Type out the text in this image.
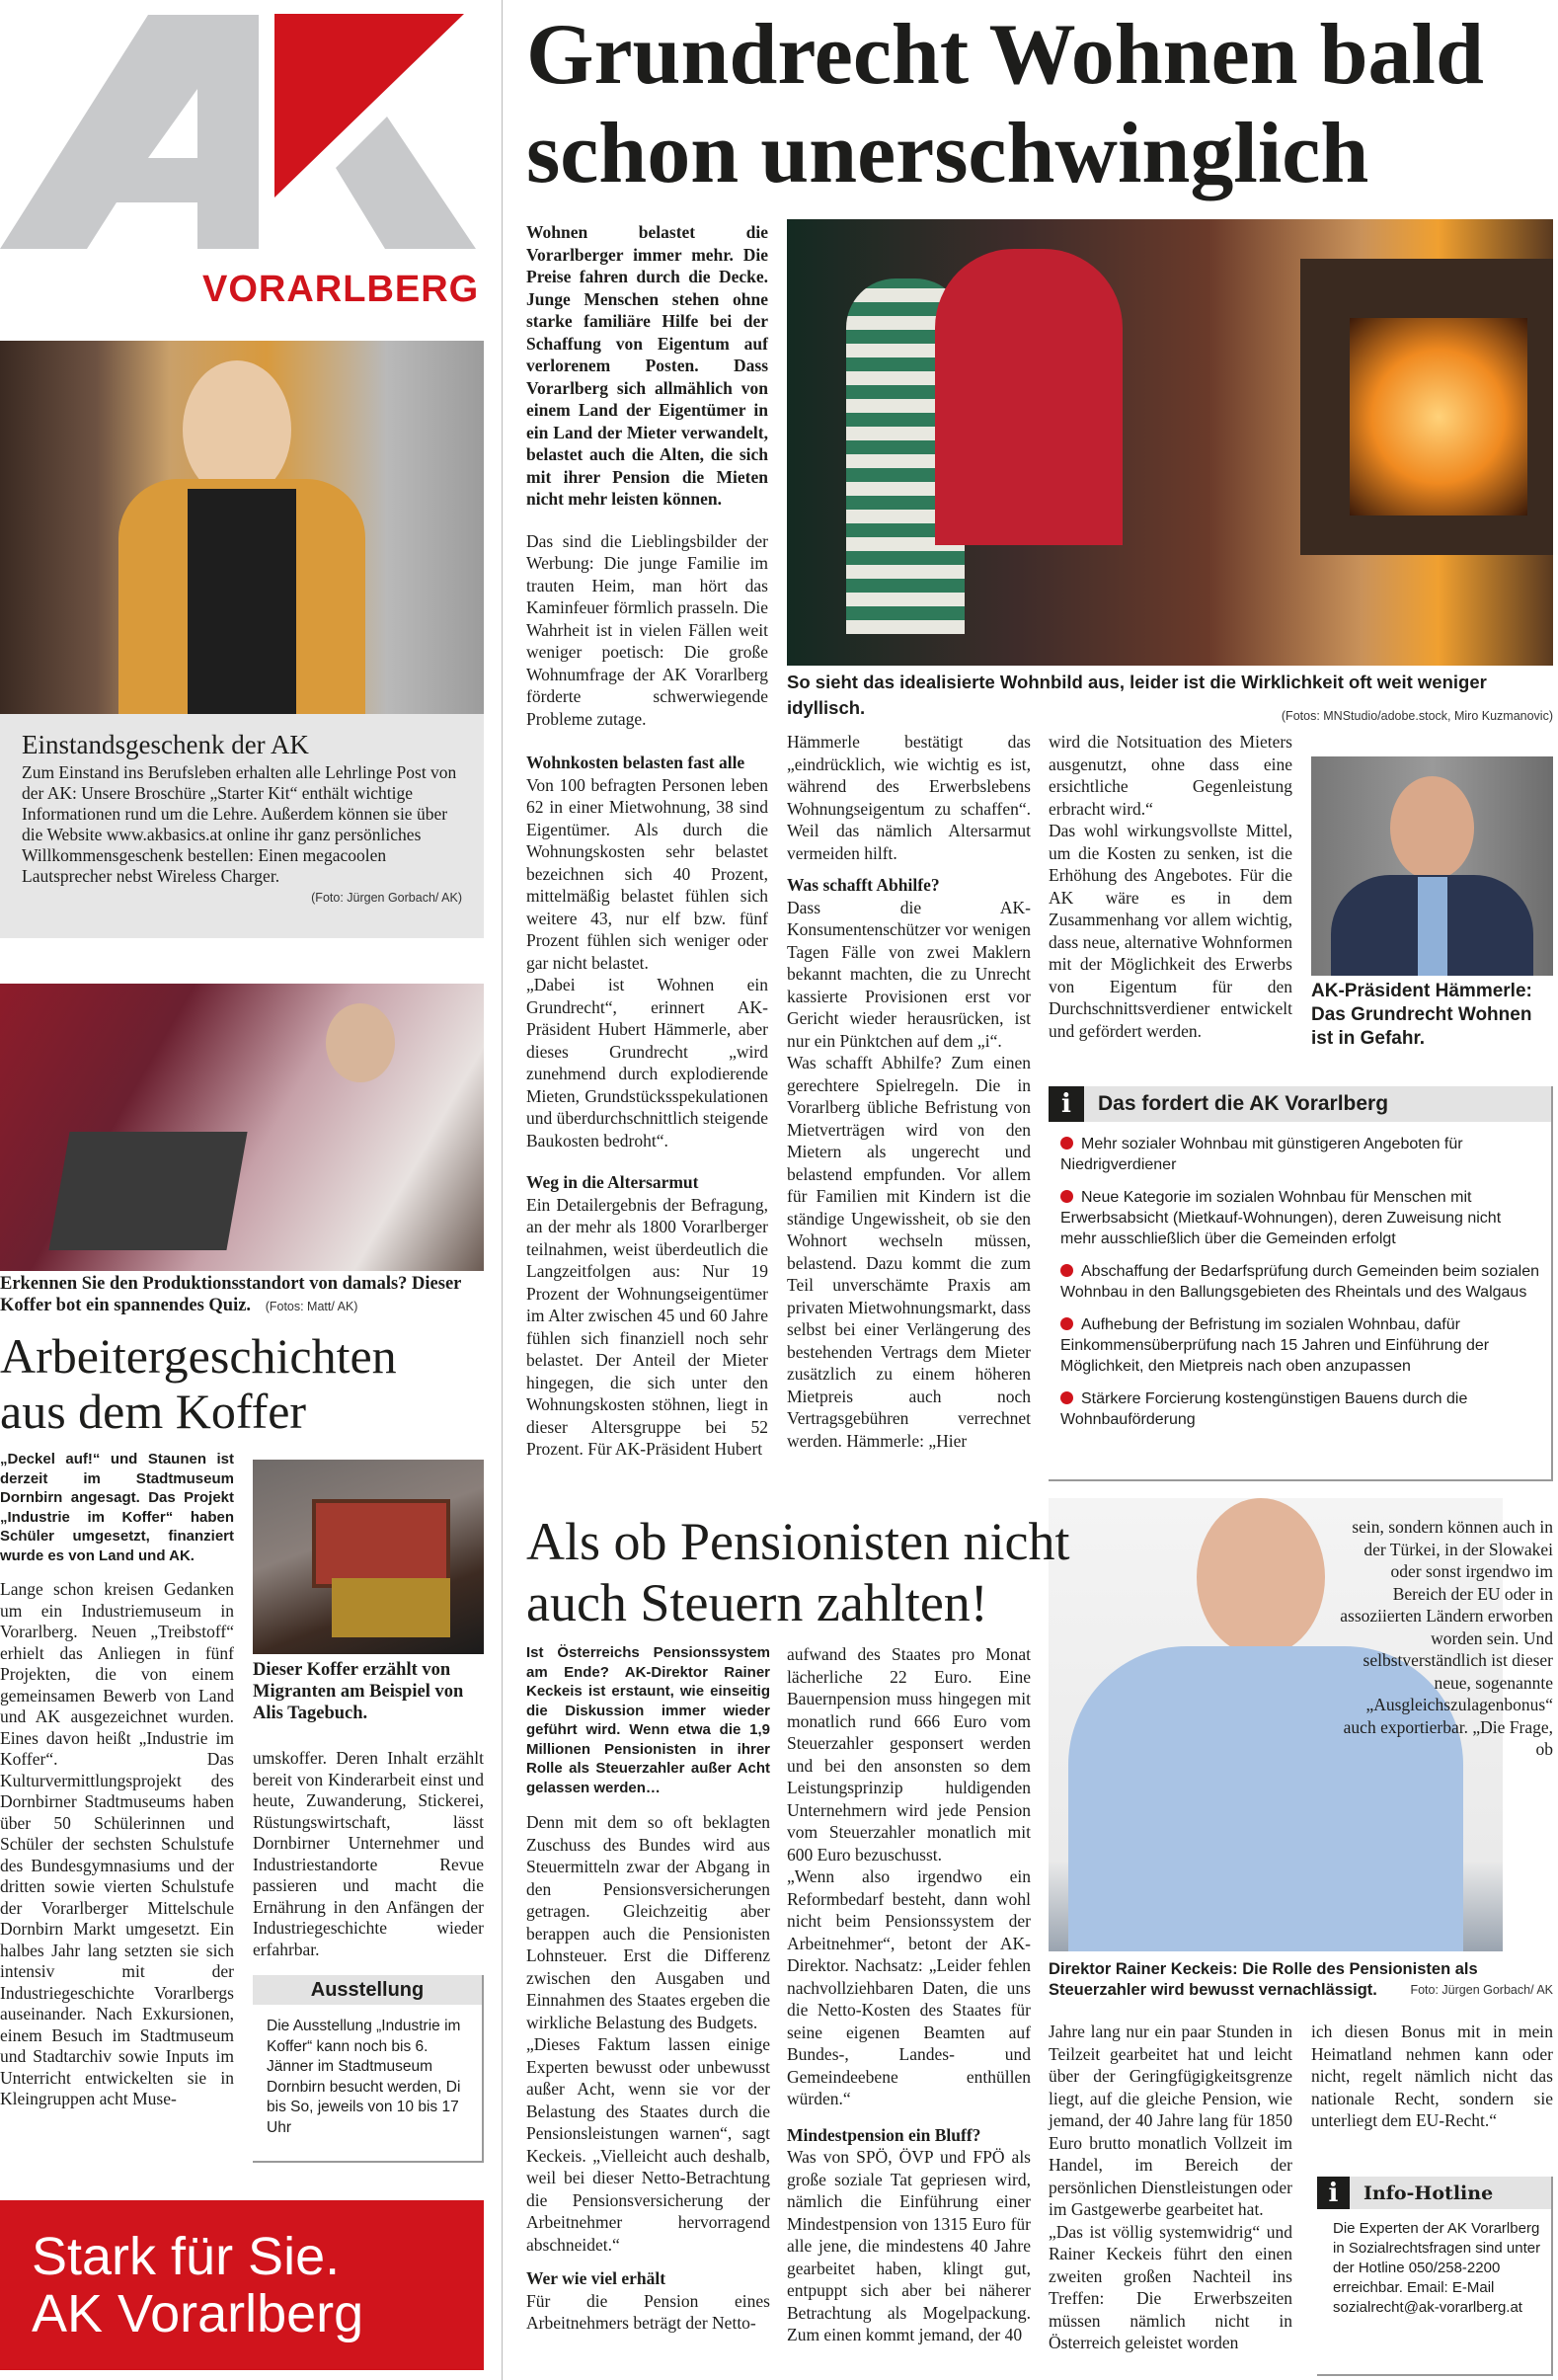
VORARLBERG
Einstandsgeschenk der AK
Zum Einstand ins Berufsleben erhalten alle Lehrlinge Post von der AK: Unsere Broschüre „Starter Kit“ enthält wichtige Informationen rund um die Lehre. Außerdem können sie über die Website www.akbasics.at online ihr ganz persönliches Willkommensgeschenk bestellen: Einen megacoolen Lautsprecher nebst Wireless Charger.
(Foto: Jürgen Gorbach/ AK)
Erkennen Sie den Produktionsstandort von damals? Dieser Koffer bot ein spannendes Quiz. (Fotos: Matt/ AK)
Arbeitergeschichten
aus dem Koffer

„Deckel auf!“ und Staunen ist derzeit im Stadtmuseum Dornbirn angesagt. Das Projekt „Industrie im Koffer“ haben Schüler umgesetzt, finanziert wurde es von Land und AK.

Lange schon kreisen Gedanken um ein Industriemuseum in Vorarlberg. Neuen „Treibstoff“ erhielt das Anliegen in fünf Projekten, die von einem gemeinsamen Bewerb von Land und AK ausgezeichnet wurden. Eines davon heißt „Industrie im Koffer“. Das Kulturvermittlungsprojekt des Dornbirner Stadtmuseums haben über 50 Schülerinnen und Schüler der sechsten Schulstufe des Bundesgymnasiums und der dritten sowie vierten Schulstufe der Vorarlberger Mittelschule Dornbirn Markt umgesetzt. Ein halbes Jahr lang setzten sie sich intensiv mit der Industriegeschichte Vorarlbergs auseinander. Nach Exkursionen, einem Besuch im Stadtmuseum und Stadtarchiv sowie Inputs im Unterricht entwickelten sie in Kleingruppen acht Muse-

Dieser Koffer erzählt von Migranten am Beispiel von Alis Tagebuch.
umskoffer. Deren Inhalt erzählt bereit von Kinderarbeit einst und heute, Zuwanderung, Stickerei, Rüstungswirtschaft, lässt Dornbirner Unternehmer und Industriestandorte Revue passieren und macht die Ernährung in den Anfängen der Industriegeschichte wieder erfahrbar.
Ausstellung
Die Ausstellung „Industrie im Koffer“ kann noch bis 6. Jänner im Stadtmuseum Dornbirn besucht werden, Di bis So, jeweils von 10 bis 17 Uhr
Stark für Sie.
AK Vorarlberg
Grundrecht Wohnen bald
schon unerschwinglich

Wohnen belastet die Vorarlberger immer mehr. Die Preise fahren durch die Decke. Junge Menschen stehen ohne starke familiäre Hilfe bei der Schaffung von Eigentum auf verlorenem Posten. Dass Vorarlberg sich allmählich von einem Land der Eigentümer in ein Land der Mieter verwandelt, belastet auch die Alten, die sich mit ihrer Pension die Mieten nicht mehr leisten können.

Das sind die Lieblingsbilder der Werbung: Die junge Familie im trauten Heim, man hört das Kaminfeuer förmlich prasseln. Die Wahrheit ist in vielen Fällen weit weniger poetisch: Die große Wohnumfrage der AK Vorarlberg förderte schwerwiegende Probleme zutage.

Wohnkosten belasten fast alle

Von 100 befragten Personen leben 62 in einer Mietwohnung, 38 sind Eigentümer. Als durch die Wohnungskosten sehr belastet bezeichnen sich 40 Prozent, mittelmäßig belastet fühlen sich weitere 43, nur elf bzw. fünf Prozent fühlen sich weniger oder gar nicht belastet.

„Dabei ist Wohnen ein Grundrecht“, erinnert AK-Präsident Hubert Hämmerle, aber dieses Grundrecht „wird zunehmend durch explodierende Mieten, Grundstücksspekulationen und überdurchschnittlich steigende Baukosten bedroht“.

Weg in die Altersarmut

Ein Detailergebnis der Befragung, an der mehr als 1800 Vorarlberger teilnahmen, weist überdeutlich die Langzeitfolgen aus: Nur 19 Prozent der Wohnungseigentümer im Alter zwischen 45 und 60 Jahre fühlen sich finanziell noch sehr belastet. Der Anteil der Mieter hingegen, die sich unter den Wohnungskosten stöhnen, liegt in dieser Altersgruppe bei 52 Prozent. Für AK-Präsident Hubert

So sieht das idealisierte Wohnbild aus, leider ist die Wirklichkeit oft weit weniger idyllisch.	(Fotos: MNStudio/adobe.stock, Miro Kuzmanovic)

Hämmerle bestätigt das „eindrücklich, wie wichtig es ist, während des Erwerbslebens Wohnungseigentum zu schaffen“. Weil das nämlich Altersarmut vermeiden hilft.

Was schafft Abhilfe?

Dass die AK-Konsumentenschützer vor wenigen Tagen Fälle von zwei Maklern bekannt machten, die zu Unrecht kassierte Provisionen erst vor Gericht wieder herausrücken, ist nur ein Pünktchen auf dem „i“.

Was schafft Abhilfe? Zum einen gerechtere Spielregeln. Die in Vorarlberg übliche Befristung von Mietverträgen wird von den Mietern als ungerecht und belastend empfunden. Vor allem für Familien mit Kindern ist die ständige Ungewissheit, ob sie den Wohnort wechseln müssen, belastend. Dazu kommt die zum Teil unverschämte Praxis am privaten Mietwohnungsmarkt, dass selbst bei einer Verlängerung des bestehenden Vertrags dem Mieter zusätzlich zu einem höheren Mietpreis auch noch Vertragsgebühren verrechnet werden. Hämmerle: „Hier

wird die Notsituation des Mieters ausgenutzt, ohne dass eine ersichtliche Gegenleistung erbracht wird.“

Das wohl wirkungsvollste Mittel, um die Kosten zu senken, ist die Erhöhung des Angebotes. Für die AK wäre es in dem Zusammenhang vor allem wichtig, dass neue, alternative Wohnformen mit der Möglichkeit des Erwerbs von Eigentum für den Durchschnittsverdiener entwickelt und gefördert werden.

AK-Präsident Hämmerle: Das Grundrecht Wohnen ist in Gefahr.
i	Das fordert die AK Vorarlberg
Mehr sozialer Wohnbau mit günstigeren Angeboten für Niedrigverdiener
Neue Kategorie im sozialen Wohnbau für Menschen mit Erwerbsabsicht (Mietkauf-Wohnungen), deren Zuweisung nicht mehr ausschließlich über die Gemeinden erfolgt
Abschaffung der Bedarfsprüfung durch Gemeinden beim sozialen Wohnbau in den Ballungsgebieten des Rheintals und des Walgaus
Aufhebung der Befristung im sozialen Wohnbau, dafür Einkommensüberprüfung nach 15 Jahren und Einführung der Möglichkeit, den Mietpreis nach oben anzupassen
Stärkere Forcierung kostengünstigen Bauens durch die Wohnbauförderung
Als ob Pensionisten nicht
auch Steuern zahlten!

Ist Österreichs Pensionssystem am Ende? AK-Direktor Rainer Keckeis ist erstaunt, wie einseitig die Diskussion immer wieder geführt wird. Wenn etwa die 1,9 Millionen Pensionisten in ihrer Rolle als Steuerzahler außer Acht gelassen werden…

Denn mit dem so oft beklagten Zuschuss des Bundes wird aus Steuermitteln zwar der Abgang in den Pensionsversicherungen getragen. Gleichzeitig aber berappen auch die Pensionisten Lohnsteuer. Erst die Differenz zwischen den Ausgaben und Einnahmen des Staates ergeben die wirkliche Belastung des Budgets.

„Dieses Faktum lassen einige Experten bewusst oder unbewusst außer Acht, wenn sie vor der Belastung des Staates durch die Pensionsleistungen warnen“, sagt Keckeis. „Vielleicht auch deshalb, weil bei dieser Netto-Betrachtung die Pensionsversicherung der Arbeitnehmer hervorragend abschneidet.“

Wer wie viel erhält

Für die Pension eines Arbeitnehmers beträgt der Netto-

aufwand des Staates pro Monat lächerliche 22 Euro. Eine Bauernpension muss hingegen mit monatlich rund 666 Euro vom Steuerzahler gesponsert werden und bei den ansonsten so dem Leistungsprinzip huldigenden Unternehmern wird jede Pension vom Steuerzahler monatlich mit 600 Euro bezuschusst.

„Wenn also irgendwo ein Reformbedarf besteht, dann wohl nicht beim Pensionssystem der Arbeitnehmer“, betont der AK-Direktor. Nachsatz: „Leider fehlen nachvollziehbaren Daten, die uns die Netto-Kosten des Staates für seine eigenen Beamten auf Bundes-, Landes- und Gemeindeebene enthüllen würden.“

Mindestpension ein Bluff?

Was von SPÖ, ÖVP und FPÖ als große soziale Tat gepriesen wird, nämlich die Einführung einer Mindestpension von 1315 Euro für alle jene, die mindestens 40 Jahre gearbeitet haben, klingt gut, entpuppt sich aber bei näherer Betrachtung als Mogelpackung. Zum einen kommt jemand, der 40

sein, sondern können auch in der Türkei, in der Slowakei oder sonst irgendwo im Bereich der EU oder in assoziierten Ländern erworben worden sein. Und selbstverständlich ist dieser neue, sogenannte „Ausgleichszulagenbonus“ auch exportierbar. „Die Frage, ob
Direktor Rainer Keckeis: Die Rolle des Pensionisten als Steuerzahler wird bewusst vernachlässigt.	Foto: Jürgen Gorbach/ AK

Jahre lang nur ein paar Stunden in Teilzeit gearbeitet hat und leicht über der Geringfügigkeitsgrenze liegt, auf die gleiche Pension, wie jemand, der 40 Jahre lang für 1850 Euro brutto monatlich Vollzeit im Handel, im Bereich der persönlichen Dienstleistungen oder im Gastgewerbe gearbeitet hat.

„Das ist völlig systemwidrig“ und Rainer Keckeis führt den einen zweiten großen Nachteil ins Treffen: Die Erwerbszeiten müssen nämlich nicht in Österreich geleistet worden

ich diesen Bonus mit in mein Heimatland nehmen kann oder nicht, regelt nämlich nicht das nationale Recht, sondern sie unterliegt dem EU-Recht.“
i	Info-Hotline
Die Experten der AK Vorarlberg in Sozialrechtsfragen sind unter der Hotline 050/258-2200 erreichbar. Email: E-Mail sozialrecht@ak-vorarlberg.at
